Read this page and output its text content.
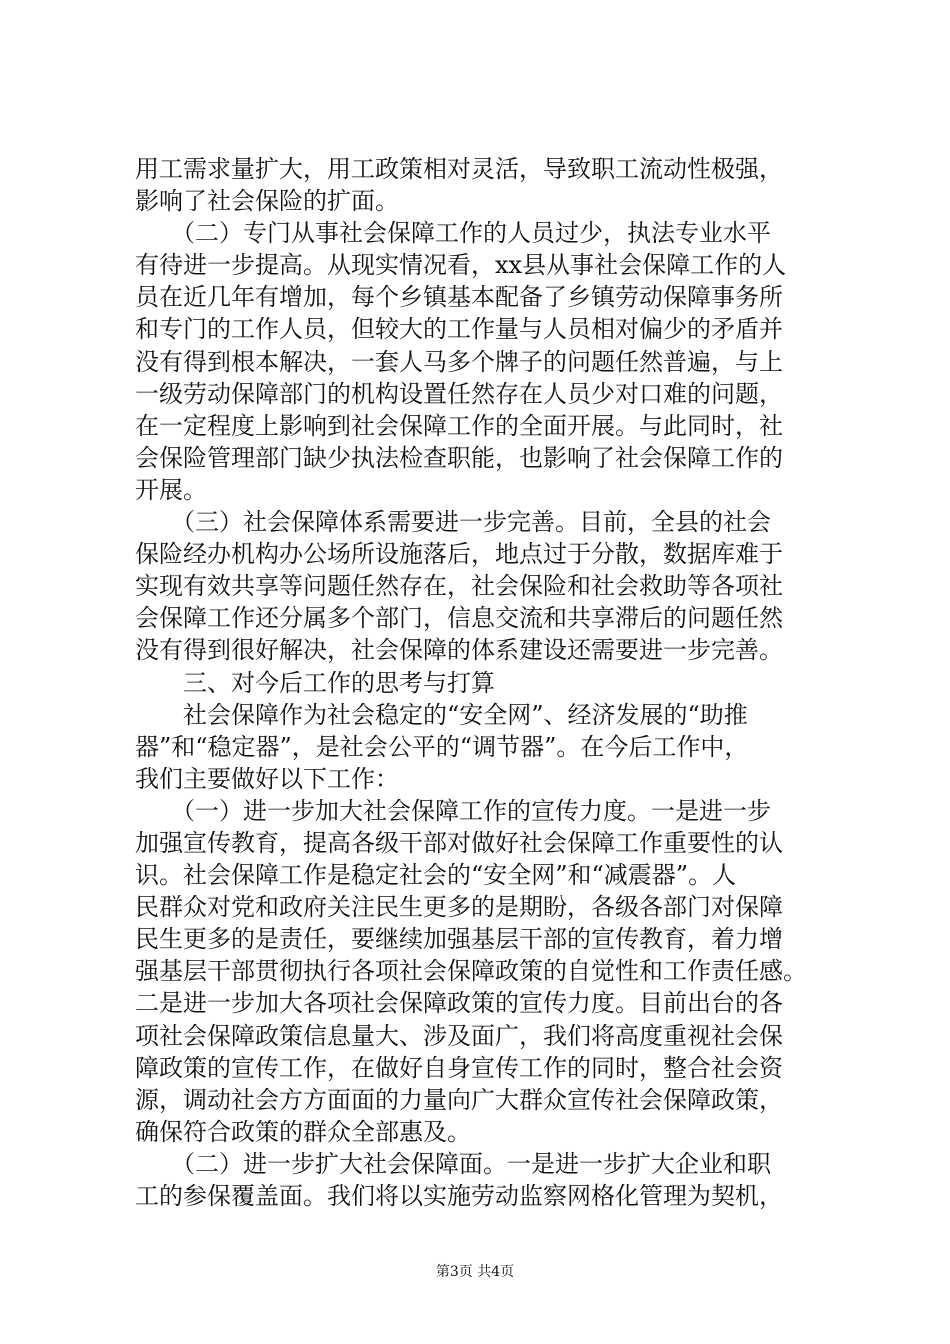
用工需求量扩大，用工政策相对灵活，导致职工流动性极强，
影响了社会保险的扩面。
　　（二）专门从事社会保障工作的人员过少，执法专业水平
有待进一步提高。从现实情况看，xx县从事社会保障工作的人
员在近几年有增加，每个乡镇基本配备了乡镇劳动保障事务所
和专门的工作人员，但较大的工作量与人员相对偏少的矛盾并
没有得到根本解决，一套人马多个牌子的问题任然普遍，与上
一级劳动保障部门的机构设置任然存在人员少对口难的问题，
在一定程度上影响到社会保障工作的全面开展。与此同时，社
会保险管理部门缺少执法检查职能，也影响了社会保障工作的
开展。
　　（三）社会保障体系需要进一步完善。目前，全县的社会
保险经办机构办公场所设施落后，地点过于分散，数据库难于
实现有效共享等问题任然存在，社会保险和社会救助等各项社
会保障工作还分属多个部门，信息交流和共享滞后的问题任然
没有得到很好解决，社会保障的体系建设还需要进一步完善。
　　三、对今后工作的思考与打算
　　社会保障作为社会稳定的“安全网”、经济发展的“助推
器”和“稳定器”，是社会公平的“调节器”。在今后工作中，
我们主要做好以下工作：
　　（一）进一步加大社会保障工作的宣传力度。一是进一步
加强宣传教育，提高各级干部对做好社会保障工作重要性的认
识。社会保障工作是稳定社会的“安全网”和“减震器”。人
民群众对党和政府关注民生更多的是期盼，各级各部门对保障
民生更多的是责任，要继续加强基层干部的宣传教育，着力增
强基层干部贯彻执行各项社会保障政策的自觉性和工作责任感。
二是进一步加大各项社会保障政策的宣传力度。目前出台的各
项社会保障政策信息量大、涉及面广，我们将高度重视社会保
障政策的宣传工作，在做好自身宣传工作的同时，整合社会资
源，调动社会方方面面的力量向广大群众宣传社会保障政策，
确保符合政策的群众全部惠及。
　　（二）进一步扩大社会保障面。一是进一步扩大企业和职
工的参保覆盖面。我们将以实施劳动监察网格化管理为契机，
第3页 共4页
